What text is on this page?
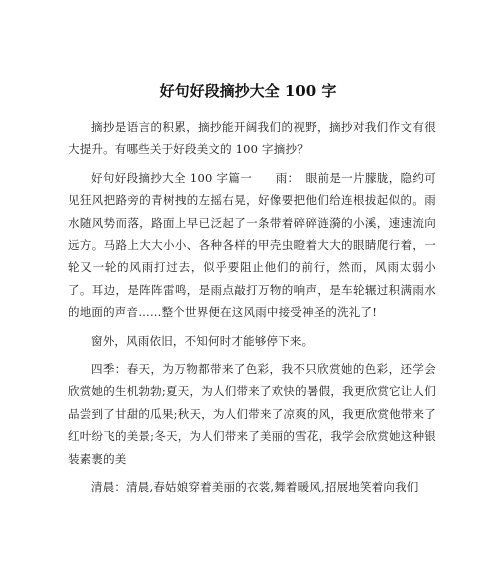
好句好段摘抄大全 100 字

摘抄是语言的积累，摘抄能开阔我们的视野，摘抄对我们作文有很大提升。有哪些关于好段美文的 100 字摘抄？

好句好段摘抄大全 100 字篇一　　雨：　眼前是一片朦胧，隐约可见狂风把路旁的青树拽的左摇右晃，好像要把他们给连根拔起似的。雨水随风势而落，路面上早已泛起了一条带着碎碎涟漪的小溪，速速流向远方。马路上大大小小、各种各样的甲壳虫瞪着大大的眼睛爬行着，一轮又一轮的风雨打过去，似乎要阻止他们的前行，然而，风雨太弱小了。耳边，是阵阵雷鸣，是雨点敲打万物的响声，是车轮辗过积满雨水的地面的声音……整个世界便在这风雨中接受神圣的洗礼了!

窗外，风雨依旧，不知何时才能够停下来。

四季：春天，为万物都带来了色彩，我不只欣赏她的色彩，还学会欣赏她的生机勃勃;夏天，为人们带来了欢快的暑假，我更欣赏它让人们品尝到了甘甜的瓜果;秋天，为人们带来了凉爽的风，我更欣赏他带来了红叶纷飞的美景;冬天，为人们带来了美丽的雪花，我学会欣赏她这种银装素裹的美

清晨：清晨,春姑娘穿着美丽的衣裳,舞着暖风,招展地笑着向我们
